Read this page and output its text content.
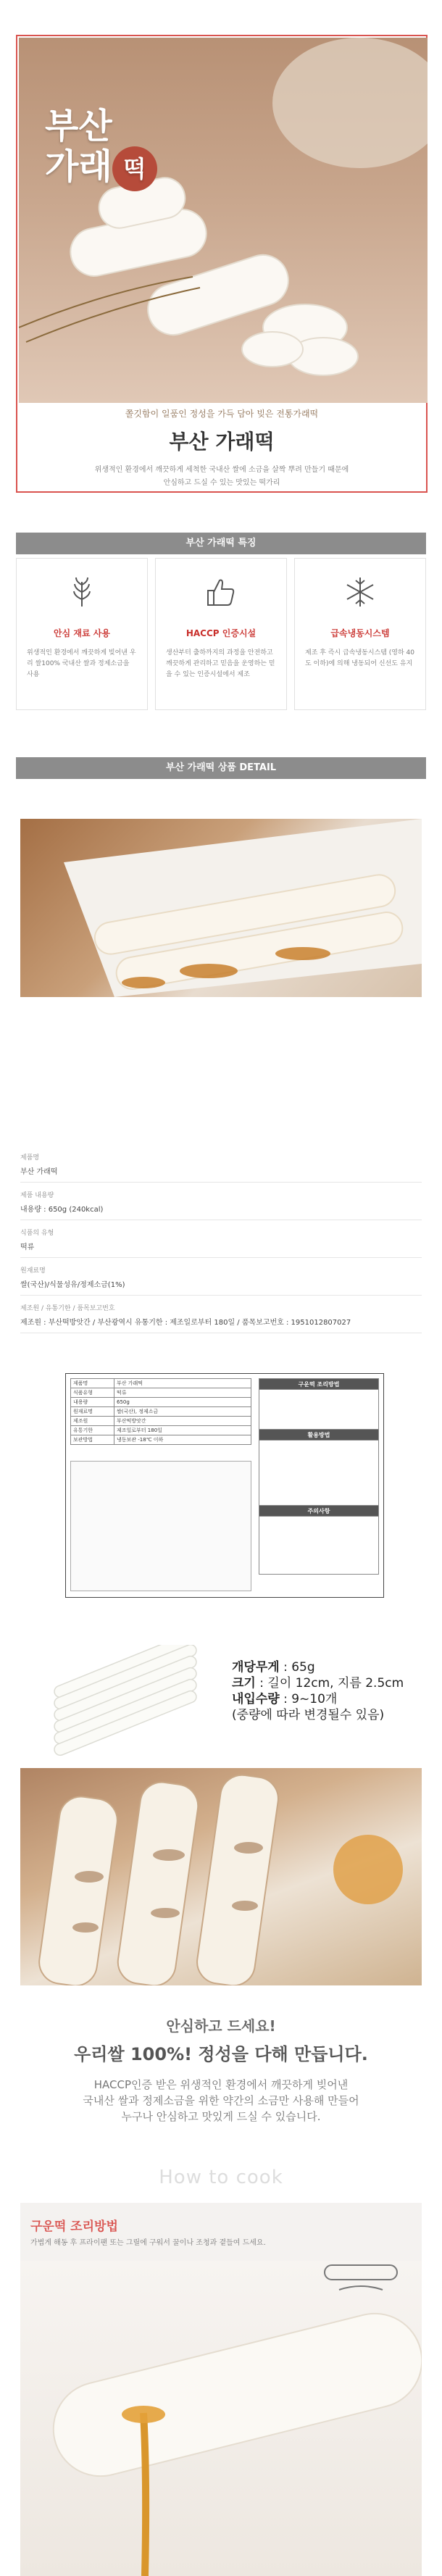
부산
가래 떡
쫄깃함이 일품인 정성을 가득 담아 빚은 전통가래떡
부산 가래떡
위생적인 환경에서 깨끗하게 세척한 국내산 쌀에 소금을 살짝 뿌려 만들기 때문에
안심하고 드실 수 있는 맛있는 떡가리
부산 가래떡 특징
안심 재료 사용
위생적인 환경에서 깨끗하게 빚어낸 우리 쌀100% 국내산 쌀과 정제소금을 사용
HACCP 인증시설
생산부터 출하까지의 과정을 안전하고 깨끗하게 관리하고 믿음을 운영하는 믿을 수 있는 인증시설에서 제조
급속냉동시스템
제조 후 즉시 급속냉동시스템 (영하 40도 이하)에 의해 냉동되어 신선도 유지
부산 가래떡 상품 DETAIL
제품명
부산 가래떡
제품 내용량
내용량 : 650g (240kcal)
식품의 유형
떡류
원재료명
쌀(국산)/식물성유/정제소금(1%)
제조원 / 유통기한 / 품목보고번호
제조원 : 부산떡방앗간 / 부산광역시 유통기한 : 제조일로부터 180일 / 품목보고번호 : 1951012807027
제품명	부산 가래떡
식품유형	떡류
내용량	650g
원재료명	쌀(국산), 정제소금
제조원	부산떡방앗간
유통기한	제조일로부터 180일
보관방법	냉동보관 -18℃ 이하
구운떡 조리방법

활용방법

주의사항

개당무게 : 65g
크기 : 길이 12cm, 지름 2.5cm
내입수량 : 9~10개
(중량에 따라 변경될수 있음)
안심하고 드세요!
우리쌀 100%! 정성을 다해 만듭니다.
HACCP인증 받은 위생적인 환경에서 깨끗하게 빚어낸
국내산 쌀과 정제소금을 위한 약간의 소금만 사용해 만들어
누구나 안심하고 맛있게 드실 수 있습니다.
How to cook
구운떡 조리방법
가볍게 해동 후 프라이팬 또는 그릴에 구워서 꿀이나 조청과 곁들여 드세요.
